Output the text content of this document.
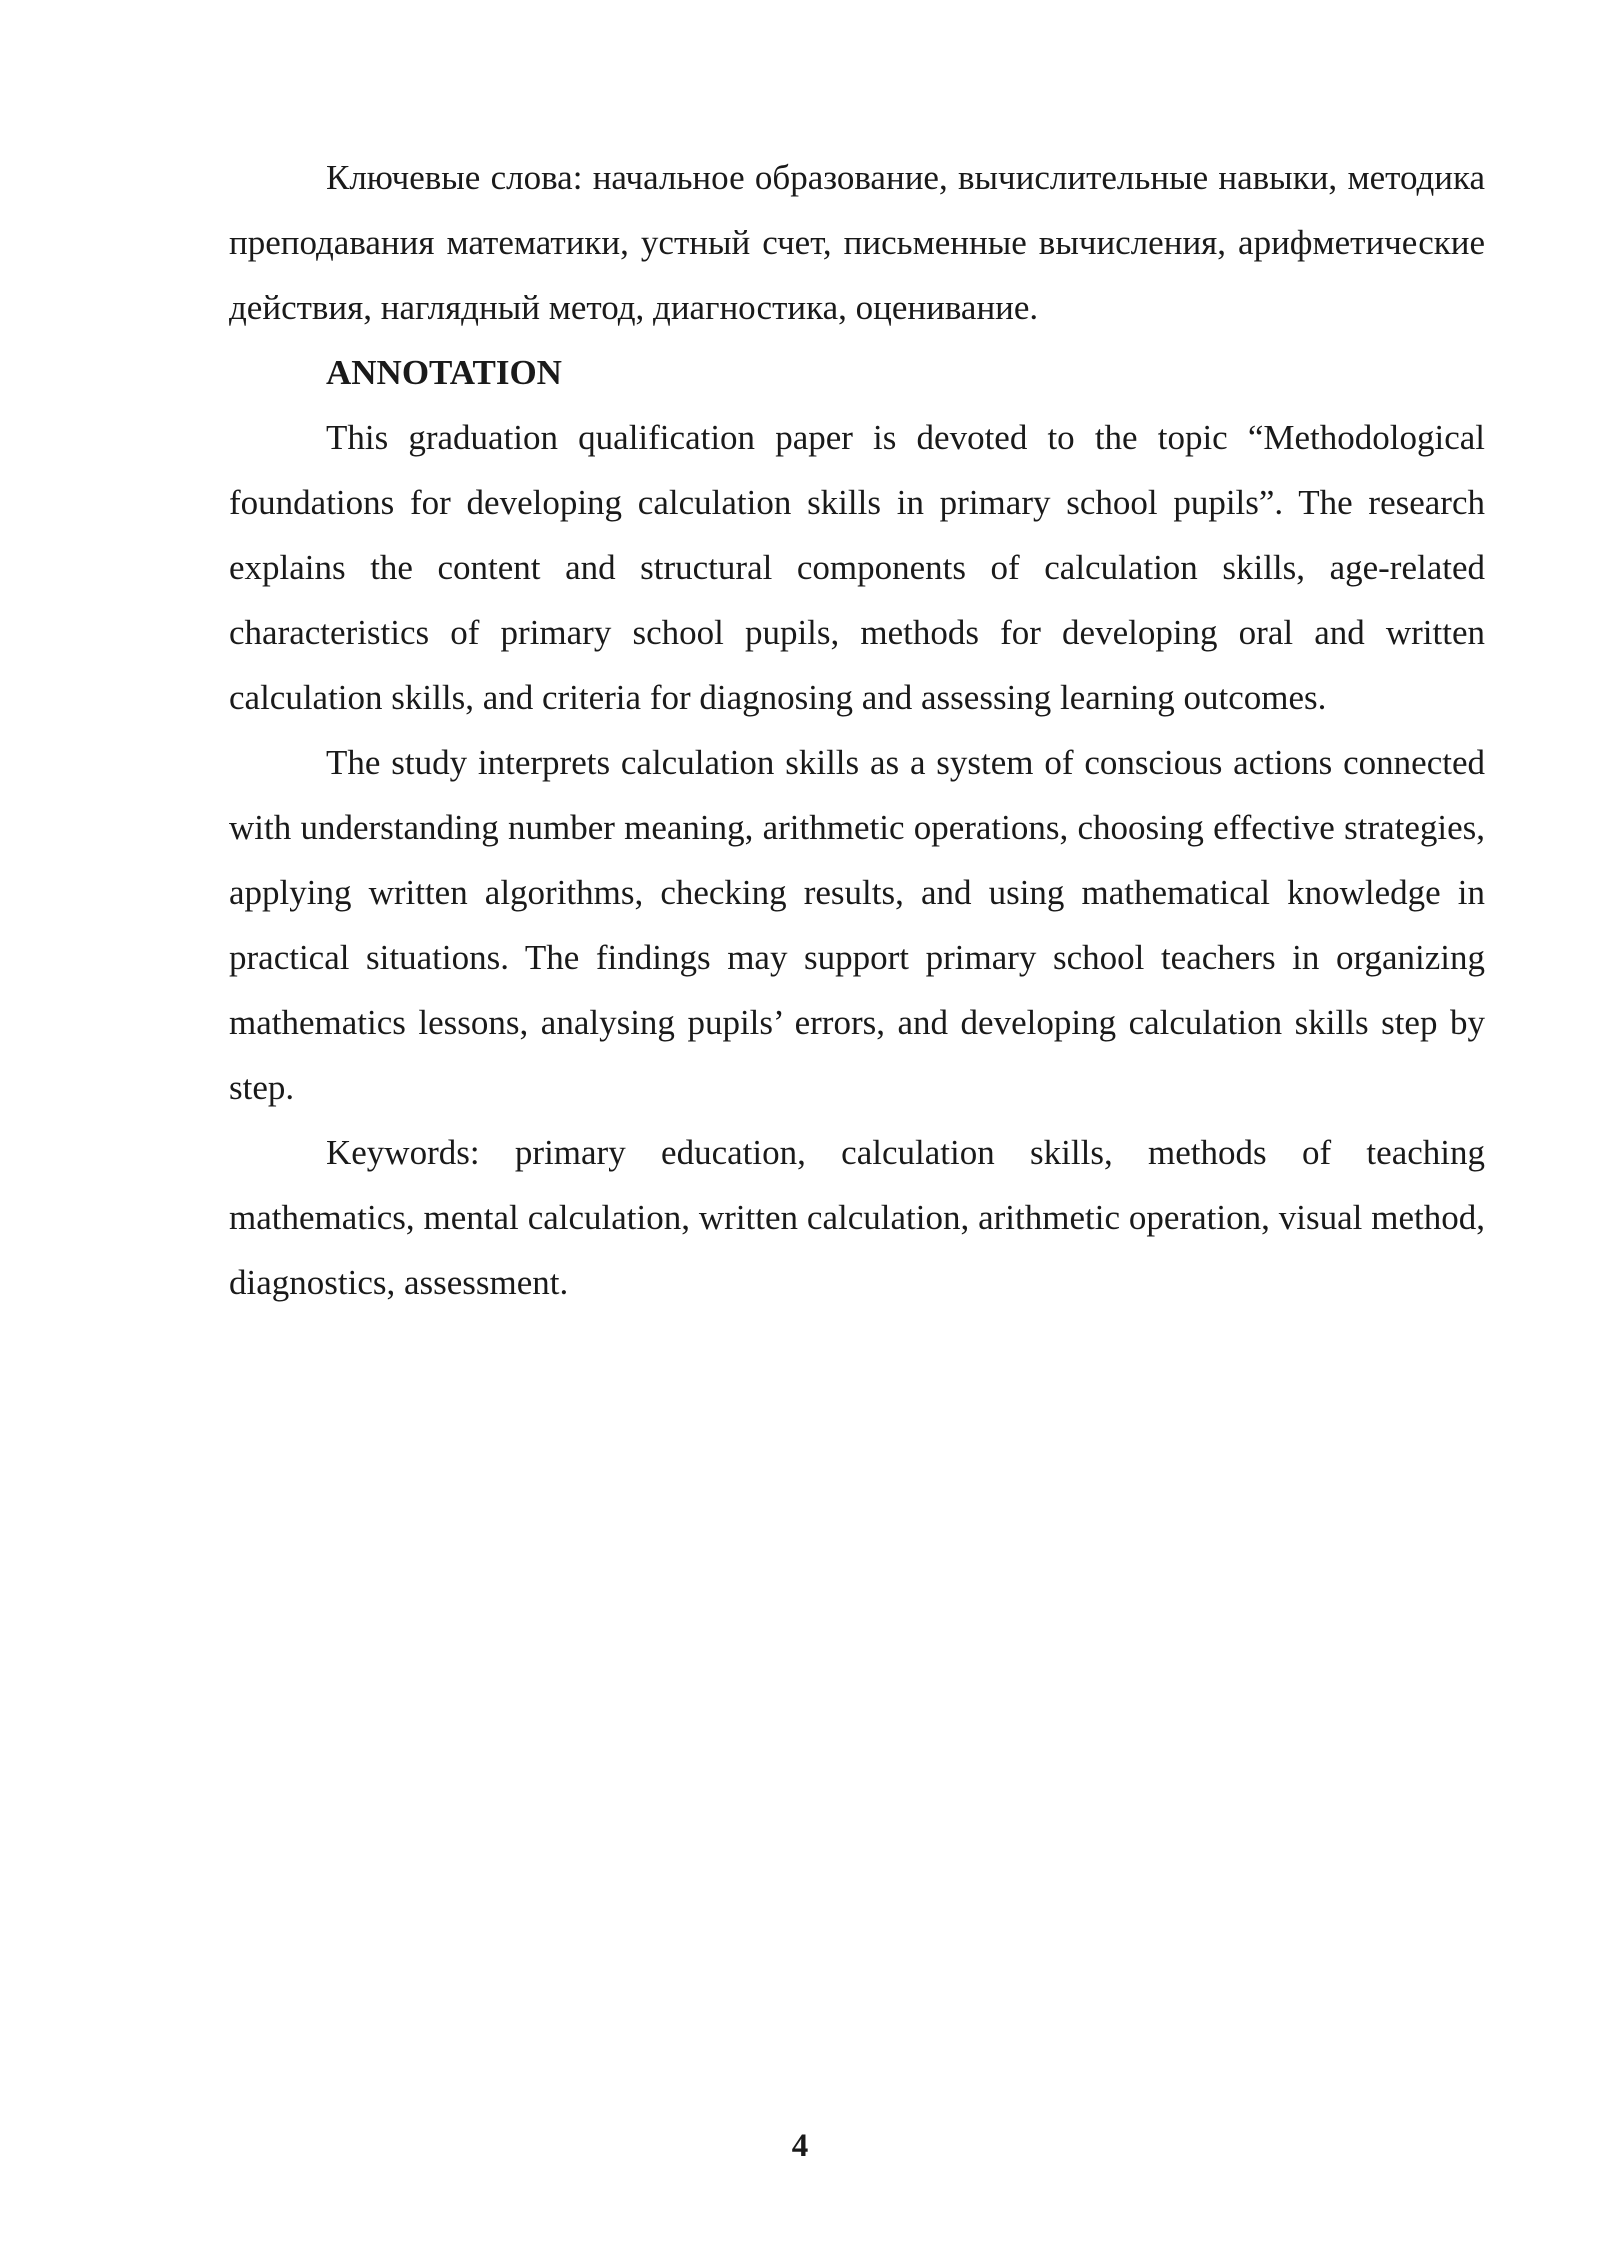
Ключевые слова: начальное образование, вычислительные навыки, методика преподавания математики, устный счет, письменные вычисления, арифметические действия, наглядный метод, диагностика, оценивание.

ANNOTATION

This graduation qualification paper is devoted to the topic “Methodological foundations for developing calculation skills in primary school pupils”. The research explains the content and structural components of calculation skills, age-related characteristics of primary school pupils, methods for developing oral and written calculation skills, and criteria for diagnosing and assessing learning outcomes.

The study interprets calculation skills as a system of conscious actions connected with understanding number meaning, arithmetic operations, choosing effective strategies, applying written algorithms, checking results, and using mathematical knowledge in practical situations. The findings may support primary school teachers in organizing mathematics lessons, analysing pupils’ errors, and developing calculation skills step by step.

Keywords: primary education, calculation skills, methods of teaching mathematics, mental calculation, written calculation, arithmetic operation, visual method, diagnostics, assessment.

4
